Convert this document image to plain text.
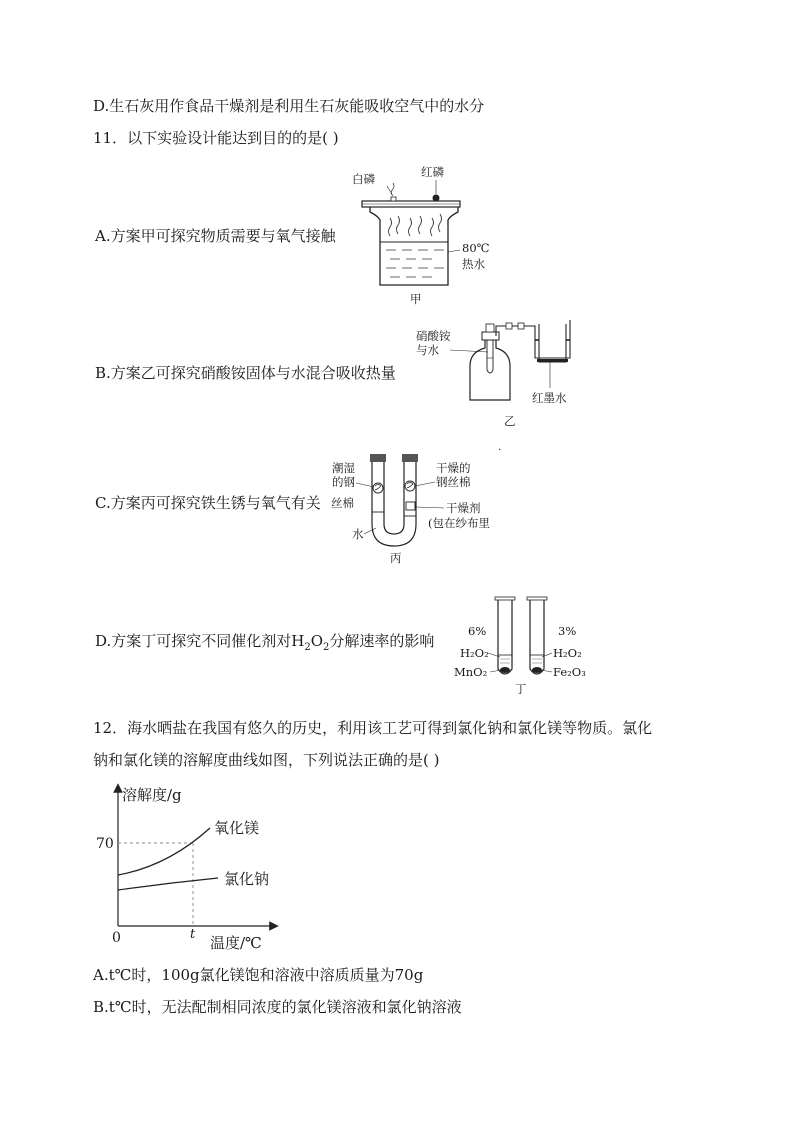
D.生石灰用作食品干燥剂是利用生石灰能吸收空气中的水分
11．以下实验设计能达到目的的是( )
A.方案甲可探究物质需要与氧气接触
白磷	红磷
80℃
热水
甲
B.方案乙可探究硝酸铵固体与水混合吸收热量
硝酸铵
与水
红墨水
乙
.
C.方案丙可探究铁生锈与氧气有关
潮湿
的钢
干燥的
钢丝棉
干燥剂
(包在纱布里
水
丙
丝棉
D.方案丁可探究不同催化剂对$H_2O_2$分解速率的影响
6%
H₂O₂
MnO₂
3%
H₂O₂
Fe₂O₃
丁
12．海水晒盐在我国有悠久的历史，利用该工艺可得到氯化钠和氯化镁等物质。氯化
钠和氯化镁的溶解度曲线如图，下列说法正确的是( )
溶解度/g
温度/℃
0
70
t
氧化镁
氯化钠
A.t℃时，100g氯化镁饱和溶液中溶质质量为70g
B.t℃时，无法配制相同浓度的氯化镁溶液和氯化钠溶液
